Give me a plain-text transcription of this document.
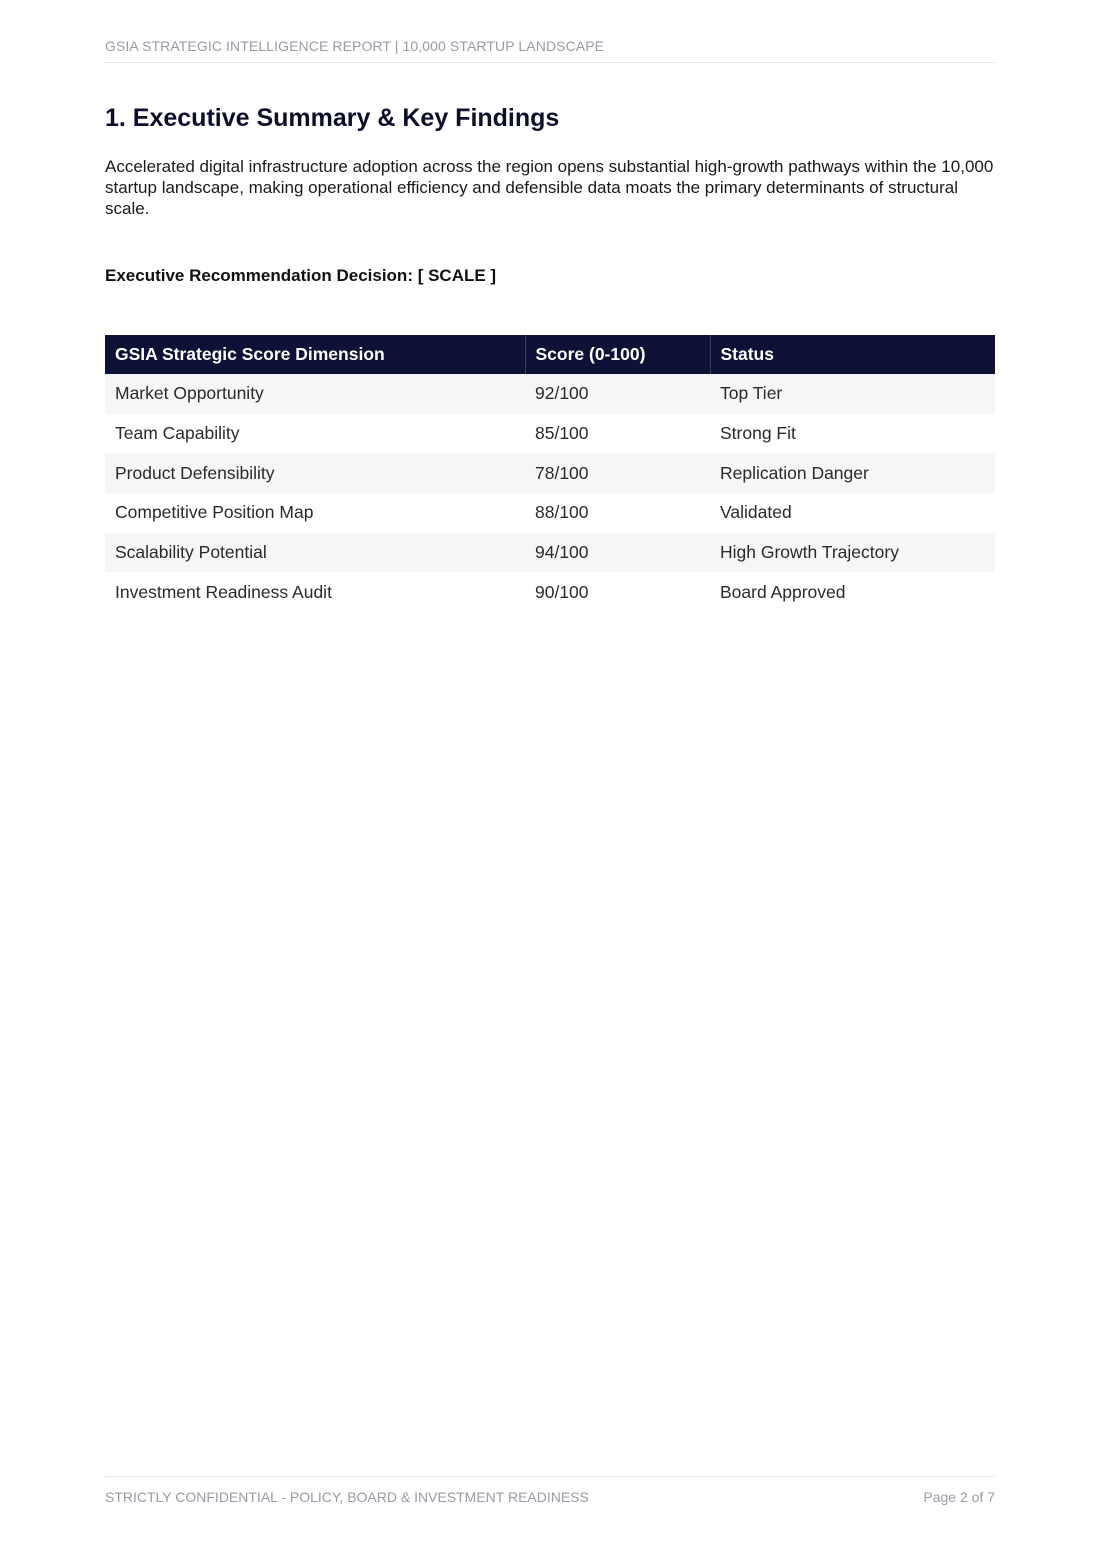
GSIA STRATEGIC INTELLIGENCE REPORT | 10,000 STARTUP LANDSCAPE
1. Executive Summary & Key Findings

Accelerated digital infrastructure adoption across the region opens substantial high-growth pathways within the 10,000 startup landscape, making operational efficiency and defensible data moats the primary determinants of structural scale.

Executive Recommendation Decision: [ SCALE ]

GSIA Strategic Score Dimension	Score (0-100)	Status
Market Opportunity	92/100	Top Tier
Team Capability	85/100	Strong Fit
Product Defensibility	78/100	Replication Danger
Competitive Position Map	88/100	Validated
Scalability Potential	94/100	High Growth Trajectory
Investment Readiness Audit	90/100	Board Approved
STRICTLY CONFIDENTIAL - POLICY, BOARD & INVESTMENT READINESS	Page 2 of 7
